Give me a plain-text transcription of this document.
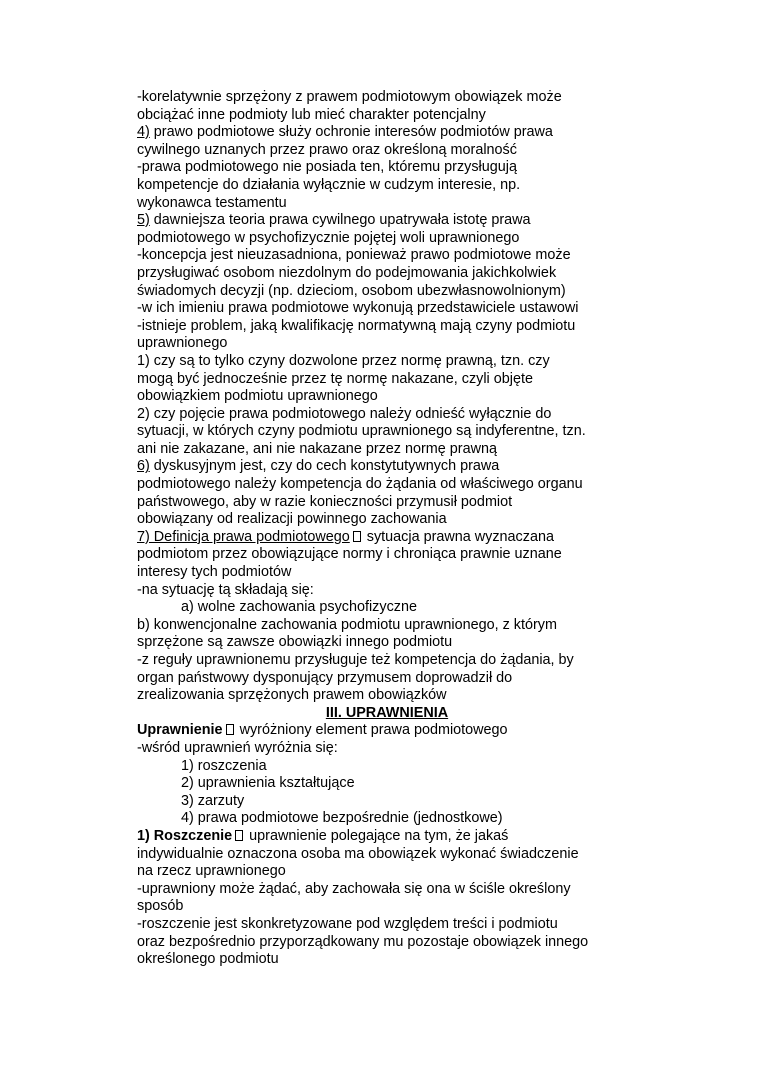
-korelatywnie sprzężony z prawem podmiotowym obowiązek może

obciążać inne podmioty lub mieć charakter potencjalny

4) prawo podmiotowe służy ochronie interesów podmiotów prawa

cywilnego uznanych przez prawo oraz określoną moralność

-prawa podmiotowego nie posiada ten, któremu przysługują

kompetencje do działania wyłącznie w cudzym interesie, np.

wykonawca testamentu

5) dawniejsza teoria prawa cywilnego upatrywała istotę prawa

podmiotowego w psychofizycznie pojętej woli uprawnionego

-koncepcja jest nieuzasadniona, ponieważ prawo podmiotowe może

przysługiwać osobom niezdolnym do podejmowania jakichkolwiek

świadomych decyzji (np. dzieciom, osobom ubezwłasnowolnionym)

-w ich imieniu prawa podmiotowe wykonują przedstawiciele ustawowi

-istnieje problem, jaką kwalifikację normatywną mają czyny podmiotu

uprawnionego

1) czy są to tylko czyny dozwolone przez normę prawną, tzn. czy

mogą być jednocześnie przez tę normę nakazane, czyli objęte

obowiązkiem podmiotu uprawnionego

2) czy pojęcie prawa podmiotowego należy odnieść wyłącznie do

sytuacji, w których czyny podmiotu uprawnionego są indyferentne, tzn.

ani nie zakazane, ani nie nakazane przez normę prawną

6) dyskusyjnym jest, czy do cech konstytutywnych prawa

podmiotowego należy kompetencja do żądania od właściwego organu

państwowego, aby w razie konieczności przymusił podmiot

obowiązany od realizacji powinnego zachowania

7) Definicja prawa podmiotowego sytuacja prawna wyznaczana

podmiotom przez obowiązujące normy i chroniąca prawnie uznane

interesy tych podmiotów

-na sytuację tą składają się:

a) wolne zachowania psychofizyczne

b) konwencjonalne zachowania podmiotu uprawnionego, z którym

sprzężone są zawsze obowiązki innego podmiotu

-z reguły uprawnionemu przysługuje też kompetencja do żądania, by

organ państwowy dysponujący przymusem doprowadził do

zrealizowania sprzężonych prawem obowiązków

III. UPRAWNIENIA

Uprawnienie wyróżniony element prawa podmiotowego

-wśród uprawnień wyróżnia się:

1) roszczenia

2) uprawnienia kształtujące

3) zarzuty

4) prawa podmiotowe bezpośrednie (jednostkowe)

1) Roszczenie uprawnienie polegające na tym, że jakaś

indywidualnie oznaczona osoba ma obowiązek wykonać świadczenie

na rzecz uprawnionego

-uprawniony może żądać, aby zachowała się ona w ściśle określony

sposób

-roszczenie jest skonkretyzowane pod względem treści i podmiotu

oraz bezpośrednio przyporządkowany mu pozostaje obowiązek innego

określonego podmiotu
